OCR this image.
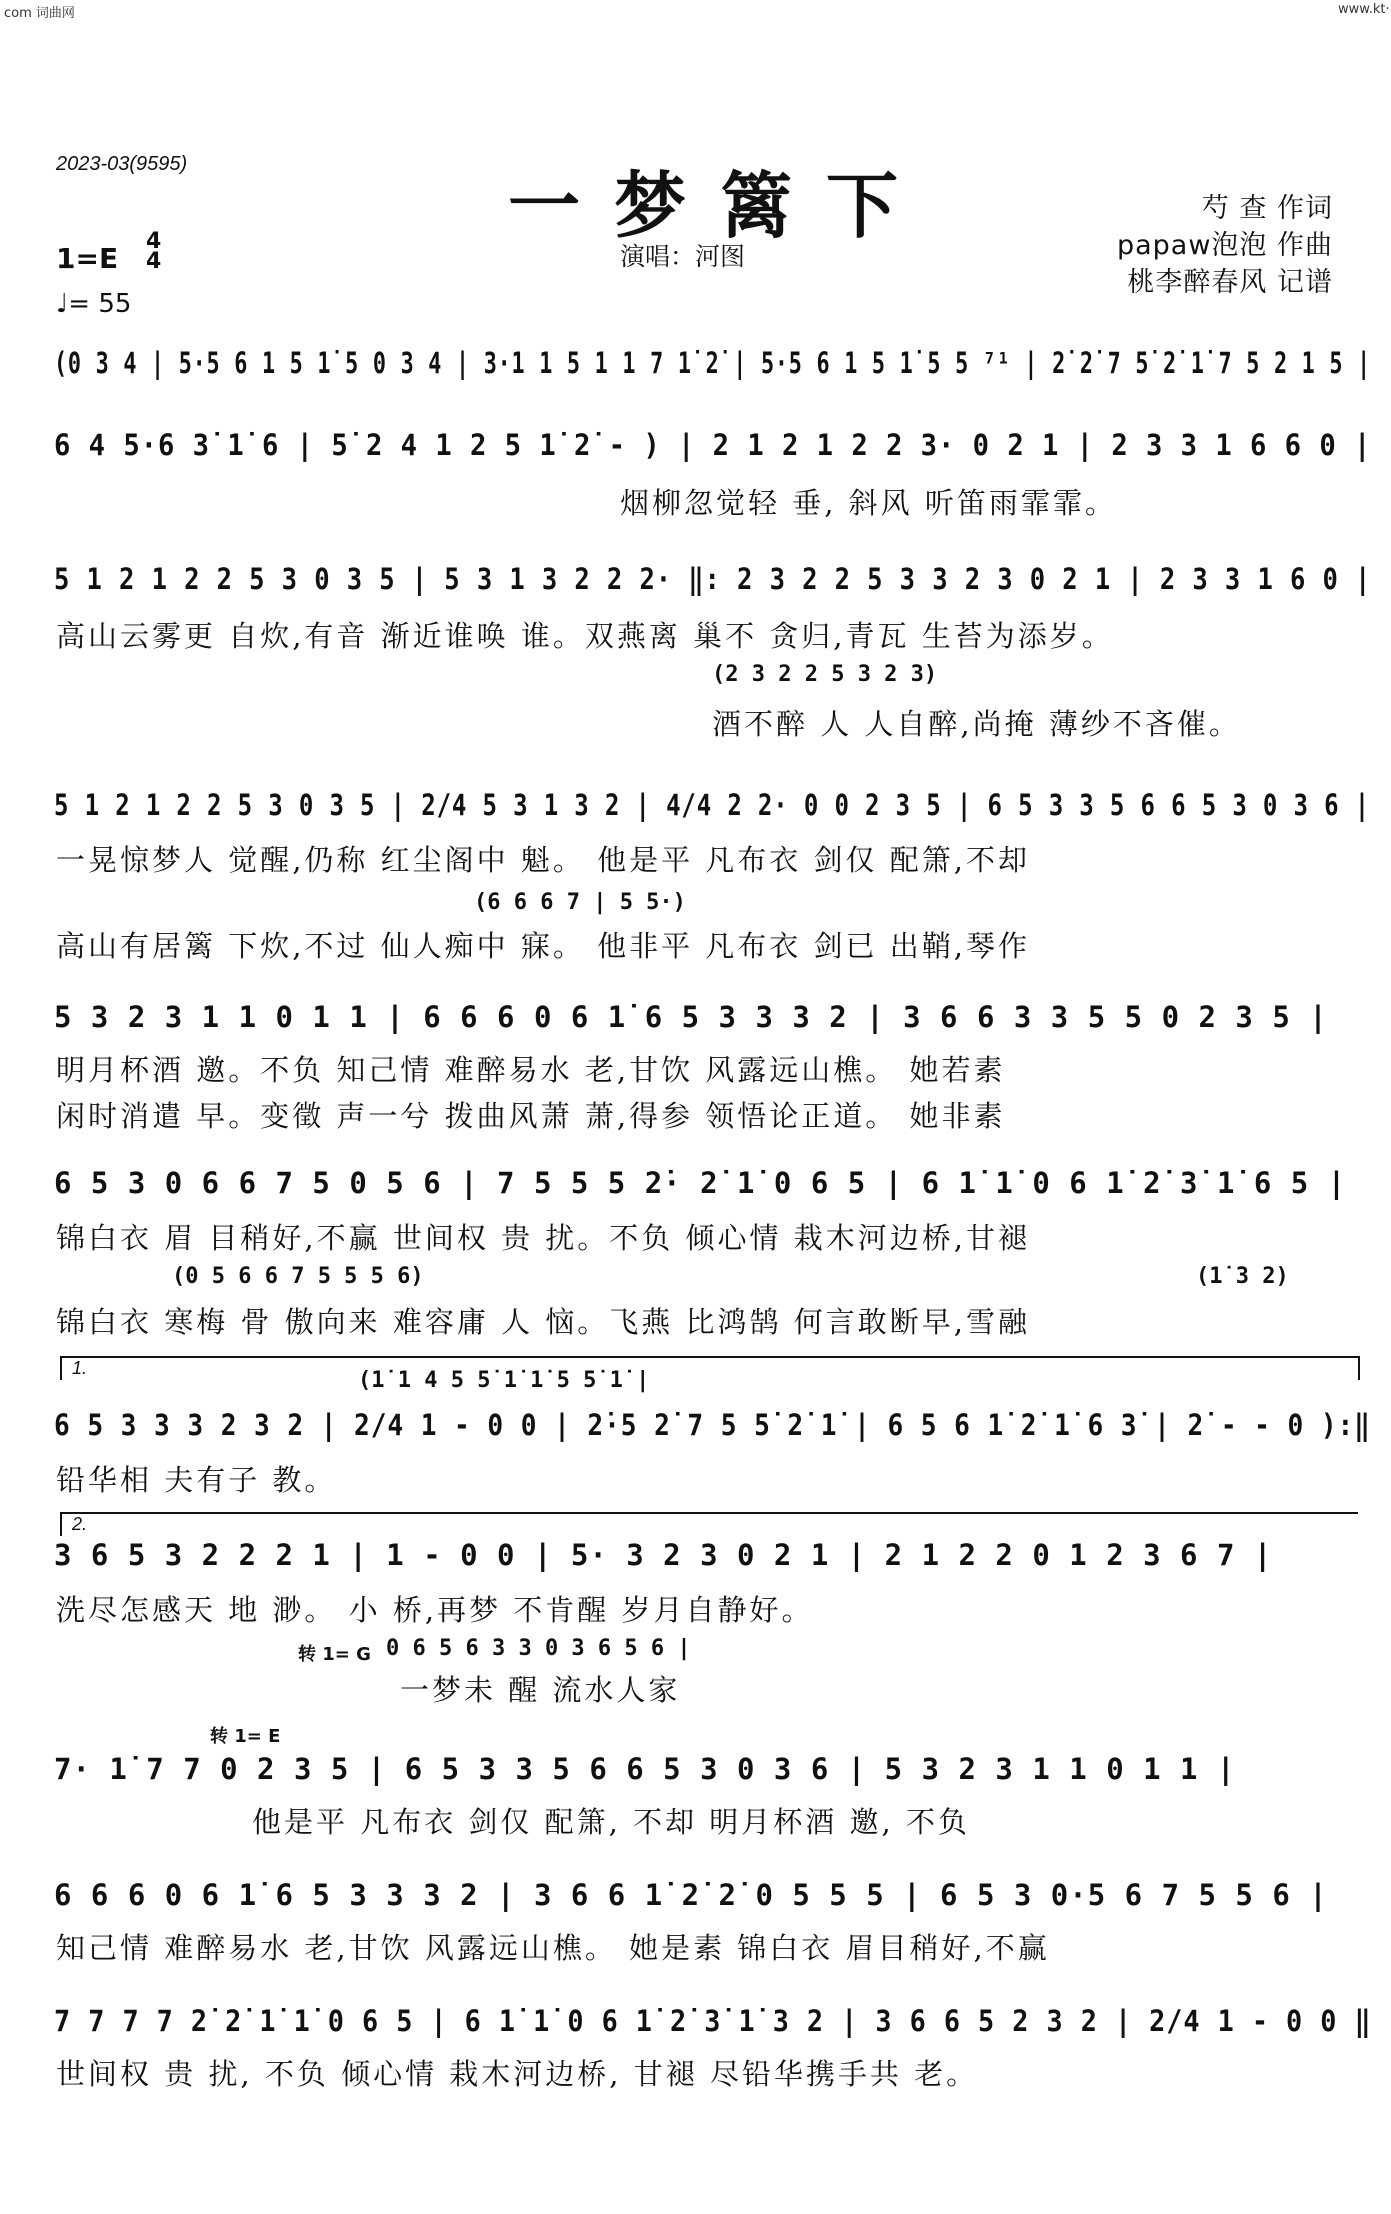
com 词曲网	www.kt·
2023-03(9595)	一梦篱下
演唱：河图
芍 查 作词
papaw泡泡 作曲
桃李醉春风 记谱
1=E
4
4
♩= 55
(0 3 4 | 5·5 6 1 5 1̇ 5 0 3 4 | 3·1 1 5 1 1 7 1̇ 2̇ | 5·5 6 1 5 1̇ 5 5 ⁷¹ | 2̇ 2̇ 7 5̇ 2̇ 1̇ 7 5 2 1 5 |
6 4 5·6 3̇ 1̇ 6 | 5̇ 2 4 1 2 5 1̇ 2̇ - ) | 2 1 2 1 2 2 3· 0 2 1 | 2 3 3 1 6 6 0 |
烟柳忽觉轻 垂, 斜风 听笛雨霏霏。
5 1 2 1 2 2 5 3 0 3 5 | 5 3 1 3 2 2 2· ‖: 2 3 2 2 5 3 3 2 3 0 2 1 | 2 3 3 1 6 0 |
高山云雾更 自炊,有音 渐近谁唤 谁。双燕离 巢不 贪归,青瓦 生苔为添岁。
(2 3 2 2 5 3 2 3)
酒不醉 人 人自醉,尚掩 薄纱不吝催。
5 1 2 1 2 2 5 3 0 3 5 | 2/4 5 3 1 3 2 | 4/4 2 2· 0 0 2 3 5 | 6 5 3 3 5 6 6 5 3 0 3 6 |
一晃惊梦人 觉醒,仍称 红尘阁中 魁。 他是平 凡布衣 剑仅 配箫,不却
(6 6 6 7 | 5 5·)
高山有居篱 下炊,不过 仙人痴中 寐。 他非平 凡布衣 剑已 出鞘,琴作
5 3 2 3 1 1 0 1 1 | 6 6 6 0 6 1̇ 6 5 3 3 3 2 | 3 6 6 3 3 5 5 0 2 3 5 |
明月杯酒 邀。不负 知己情 难醉易水 老,甘饮 风露远山樵。 她若素
闲时消遣 早。变徵 声一兮 拨曲风萧 萧,得参 领悟论正道。 她非素
6 5 3 0 6 6 7 5 0 5 6 | 7 5 5 5 2̇· 2̇ 1̇ 0 6 5 | 6 1̇ 1̇ 0 6 1̇ 2̇ 3̇ 1̇ 6 5 |
锦白衣 眉 目稍好,不赢 世间权 贵 扰。不负 倾心情 栽木河边桥,甘褪
(0 5 6 6 7 5 5 5 6)	(1̇ 3 2)
锦白衣 寒梅 骨 傲向来 难容庸 人 恼。飞燕 比鸿鹄 何言敢断早,雪融
1.	(1̇ 1 4 5 5̇ 1̇ 1̇ 5 5̇ 1̇ |
6 5 3 3 3 2 3 2 | 2/4 1 - 0 0 | 2̇·5 2̇ 7 5 5̇ 2̇ 1̇ | 6 5 6 1̇ 2̇ 1̇ 6 3̇ | 2̇ - - 0 ):‖
铅华相 夫有子 教。
2.
3 6 5 3 2 2 2 1 | 1 - 0 0 | 5· 3 2 3 0 2 1 | 2 1 2 2 0 1 2 3 6 7 |
洗尽怎感天 地 渺。 小 桥,再梦 不肯醒 岁月自静好。
转 1= G 0 6 5 6 3 3 0 3 6 5 6 |
一梦未 醒 流水人家
转 1= E
7· 1̇ 7 7 0 2 3 5 | 6 5 3 3 5 6 6 5 3 0 3 6 | 5 3 2 3 1 1 0 1 1 |
他是平 凡布衣 剑仅 配箫, 不却 明月杯酒 邀, 不负
6 6 6 0 6 1̇ 6 5 3 3 3 2 | 3 6 6 1̇ 2̇ 2̇ 0 5 5 5 | 6 5 3 0·5 6 7 5 5 6 |
知己情 难醉易水 老,甘饮 风露远山樵。 她是素 锦白衣 眉目稍好,不赢
7 7 7 7 2̇ 2̇ 1̇ 1̇ 0 6 5 | 6 1̇ 1̇ 0 6 1̇ 2̇ 3̇ 1̇ 3 2 | 3 6 6 5 2 3 2 | 2/4 1 - 0 0 ‖
世间权 贵 扰, 不负 倾心情 栽木河边桥, 甘褪 尽铅华携手共 老。
